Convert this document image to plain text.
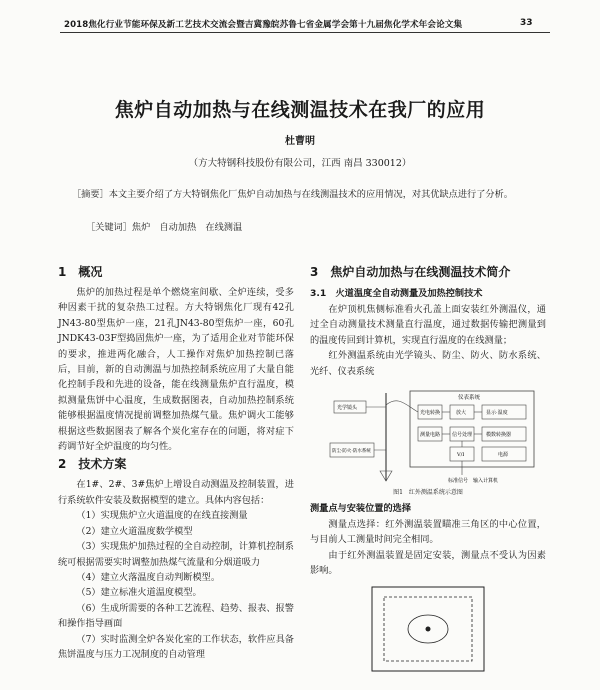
2018焦化行业节能环保及新工艺技术交流会暨吉冀豫皖苏鲁七省金属学会第十九届焦化学术年会论文集	33
焦炉自动加热与在线测温技术在我厂的应用
杜曹明
（方大特钢科技股份有限公司，江西 南昌 330012）
［摘要］本文主要介绍了方大特钢焦化厂焦炉自动加热与在线测温技术的应用情况，对其优缺点进行了分析。
［关键词］焦炉　自动加热　在线测温
1　概况

焦炉的加热过程是单个燃烧室间歇、全炉连续，受多种因素干扰的复杂热工过程。方大特钢焦化厂现有42孔JN43-80型焦炉一座，21孔JN43-80型焦炉一座，60孔JNDK43-03F型捣固焦炉一座，为了适用企业对节能环保的要求，推进两化融合，人工操作对焦炉加热控制已落后，目前，新的自动测温与加热控制系统应用了大量自能化控制手段和先进的设备，能在线测量焦炉直行温度，模拟测量焦饼中心温度，生成数据图表，自动加热控制系统能够根据温度情况提前调整加热煤气量。焦炉调火工能够根据这些数据图表了解各个炭化室存在的问题，将对症下药调节好全炉温度的均匀性。

2　技术方案

在1#、2#、3#焦炉上增设自动测温及控制装置，进行系统软件安装及数据模型的建立。具体内容包括：

（1）实现焦炉立火道温度的在线直接测量
（2）建立火道温度数学模型
（3）实现焦炉加热过程的全自动控制，计算机控制系统可根据需要实时调整加热煤气流量和分烟道吸力
（4）建立火落温度自动判断模型。
（5）建立标准火道温度模型。
（6）生成所需要的各种工艺流程、趋势、报表、报警和操作指导画面
（7）实时监测全炉各炭化室的工作状态，软件应具备焦饼温度与压力工况制度的自动管理
3　焦炉自动加热与在线测温技术简介
3.1　火道温度全自动测量及加热控制技术

在炉顶机焦侧标准看火孔盖上面安装红外测温仪，通过全自动测量技术测量直行温度，通过数据传输把测量到的温度传回到计算机，实现直行温度的在线测量；

红外测温系统由光学镜头、防尘、防火、防水系统、光纤、仪表系统

仪表系统
光电转换	放大	显示·温度
测量电路 信号处理	模数转换器
V/I	电源
标准信号　输入计算机
光学镜头
防尘·防火·防水系统
图1　红外测温系统示意图
测量点与安装位置的选择

测量点选择：红外测温装置瞄准三角区的中心位置，与目前人工测量时间完全相同。

由于红外测温装置是固定安装，测量点不受认为因素影响。
